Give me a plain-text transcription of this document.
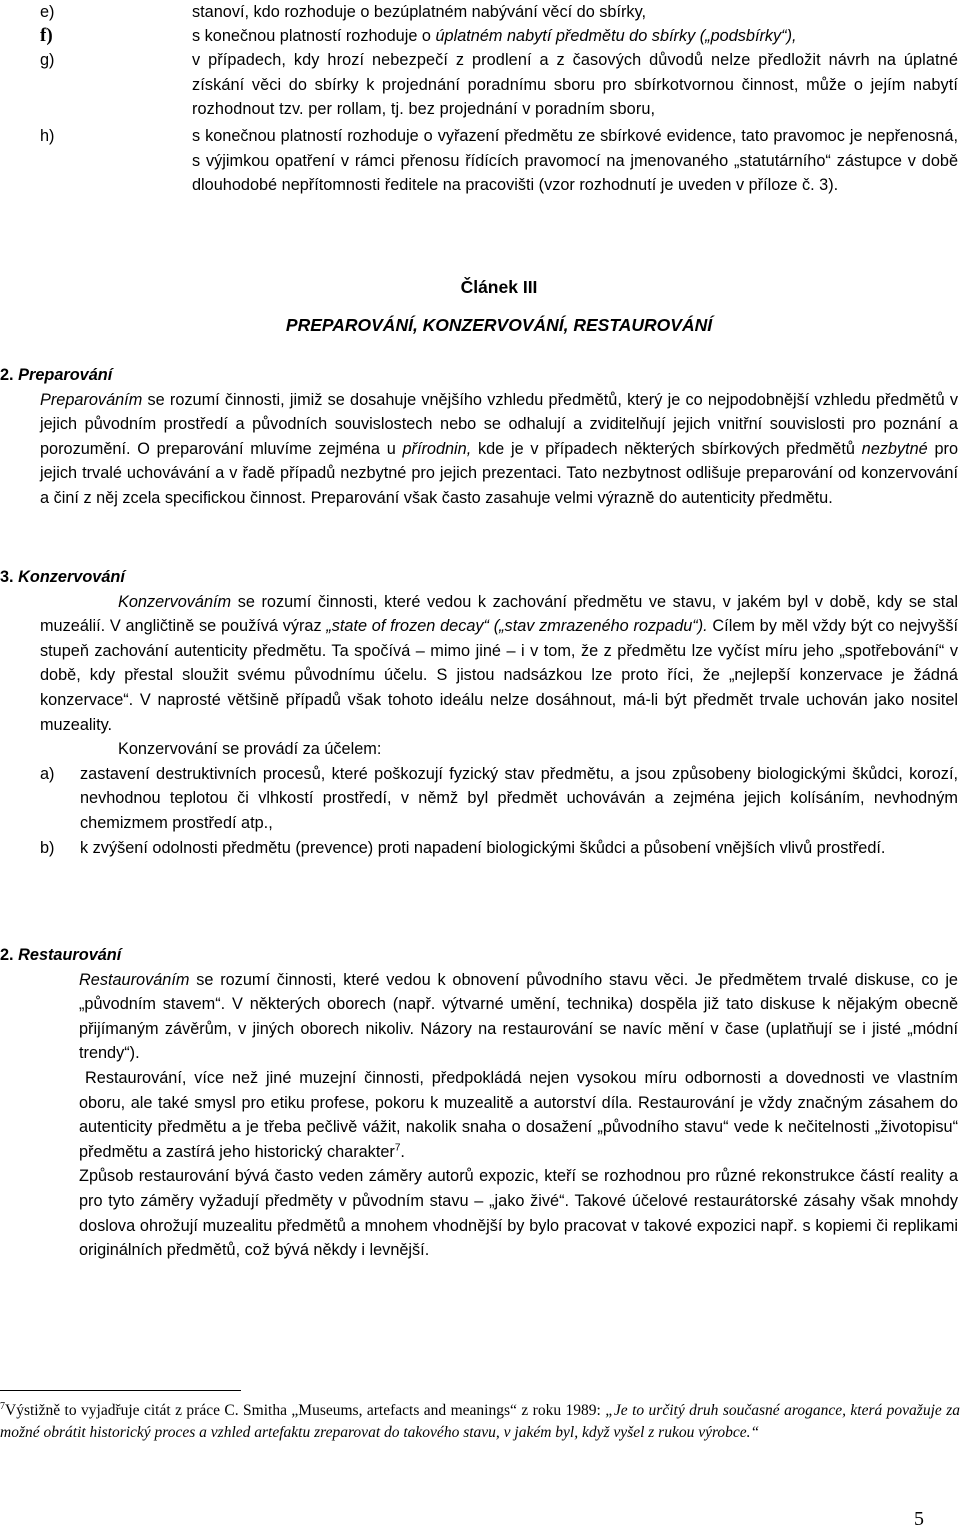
e)	stanoví, kdo rozhoduje o bezúplatném nabývání věcí do sbírky,
f)	s konečnou platností rozhoduje o úplatném nabytí předmětu do sbírky („podsbírky“),
g)	v případech, kdy hrozí nebezpečí z prodlení a z časových důvodů nelze předložit návrh na úplatné získání věci do sbírky k projednání poradnímu sboru pro sbírkotvornou činnost, může o jejím nabytí rozhodnout tzv. per rollam, tj. bez projednání v poradním sboru,
h)	s konečnou platností rozhoduje o vyřazení předmětu ze sbírkové evidence, tato pravomoc je nepřenosná, s výjimkou opatření v rámci přenosu řídících pravomocí na jmenovaného „statutárního“ zástupce v době dlouhodobé nepřítomnosti ředitele na pracovišti (vzor rozhodnutí je uveden v příloze č. 3).
Článek III
PREPAROVÁNÍ, KONZERVOVÁNÍ, RESTAUROVÁNÍ
2. Preparování
Preparováním se rozumí činnosti, jimiž se dosahuje vnějšího vzhledu předmětů, který je co nejpodobnější vzhledu předmětů v jejich původním prostředí a původních souvislostech nebo se odhalují a zviditelňují jejich vnitřní souvislosti pro poznání a porozumění. O preparování mluvíme zejména u přírodnin, kde je v případech některých sbírkových předmětů nezbytné pro jejich trvalé uchovávání a v řadě případů nezbytné pro jejich prezentaci. Tato nezbytnost odlišuje preparování od konzervování a činí z něj zcela specifickou činnost. Preparování však často zasahuje velmi výrazně do autenticity předmětu.
3. Konzervování
Konzervováním se rozumí činnosti, které vedou k zachování předmětu ve stavu, v jakém byl v době, kdy se stal muzeálií. V angličtině se používá výraz „state of frozen decay“ („stav zmrazeného rozpadu“). Cílem by měl vždy být co nejvyšší stupeň zachování autenticity předmětu. Ta spočívá – mimo jiné – i v tom, že z předmětu lze vyčíst míru jeho „spotřebování“ v době, kdy přestal sloužit svému původnímu účelu. S jistou nadsázkou lze proto říci, že „nejlepší konzervace je žádná konzervace“. V naprosté většině případů však tohoto ideálu nelze dosáhnout, má-li být předmět trvale uchován jako nositel muzeality.
Konzervování se provádí za účelem:
a) zastavení destruktivních procesů, které poškozují fyzický stav předmětu, a jsou způsobeny biologickými škůdci, korozí, nevhodnou teplotou či vlhkostí prostředí, v němž byl předmět uchováván a zejména jejich kolísáním, nevhodným chemizmem prostředí atp.,
b) k zvýšení odolnosti předmětu (prevence) proti napadení biologickými škůdci a působení vnějších vlivů prostředí.
2. Restaurování
Restaurováním se rozumí činnosti, které vedou k obnovení původního stavu věci. Je předmětem trvalé diskuse, co je „původním stavem“. V některých oborech (např. výtvarné umění, technika) dospěla již tato diskuse k nějakým obecně přijímaným závěrům, v jiných oborech nikoliv. Názory na restaurování se navíc mění v čase (uplatňují se i jisté „módní trendy“).
Restaurování, více než jiné muzejní činnosti, předpokládá nejen vysokou míru odbornosti a dovednosti ve vlastním oboru, ale také smysl pro etiku profese, pokoru k muzealitě a autorství díla. Restaurování je vždy značným zásahem do autenticity předmětu a je třeba pečlivě vážit, nakolik snaha o dosažení „původního stavu“ vede k nečitelnosti „životopisu“ předmětu a zastírá jeho historický charakter$^7$.
Způsob restaurování bývá často veden záměry autorů expozic, kteří se rozhodnou pro různé rekonstrukce částí reality a pro tyto záměry vyžadují předměty v původním stavu – „jako živé“. Takové účelové restaurátorské zásahy však mnohdy doslova ohrožují muzealitu předmětů a mnohem vhodnější by bylo pracovat v takové expozici např. s kopiemi či replikami originálních předmětů, což bývá někdy i levnější.
$^7$Výstižně to vyjadřuje citát z práce C. Smitha „Museums, artefacts and meanings“ z roku 1989: „Je to určitý druh současné arogance, která považuje za možné obrátit historický proces a vzhled artefaktu zreparovat do takového stavu, v jakém byl, když vyšel z rukou výrobce.“
5
